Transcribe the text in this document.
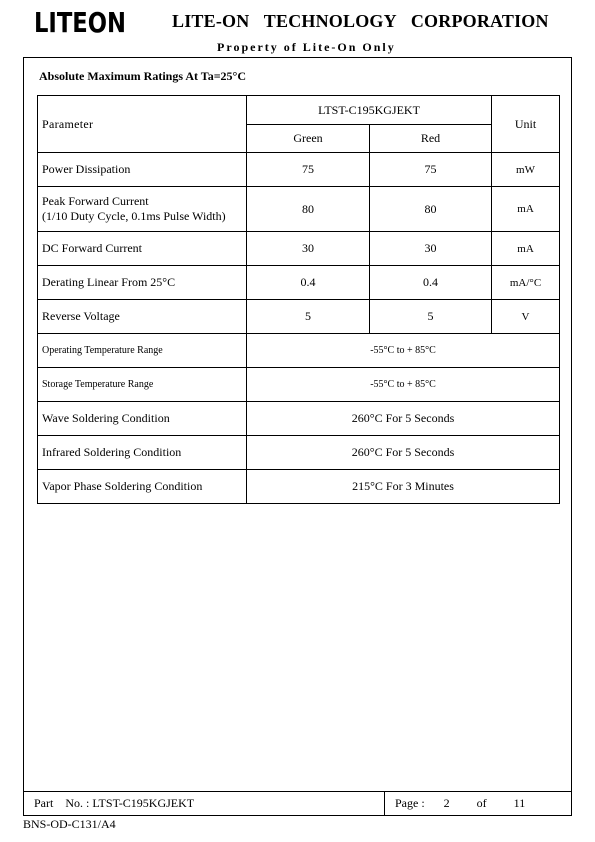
LITEON	LITE-ON TECHNOLOGY CORPORATION
Property of Lite-On Only
Absolute Maximum Ratings At Ta=25°C
Parameter	LTST-C195KGJEKT		Unit
	Green	Red	
Power Dissipation	75	75	mW

Peak Forward Current
(1/10 Duty Cycle, 0.1ms Pulse Width)	80	80	mA
DC Forward Current	30	30	mA
Derating Linear From 25°C	0.4	0.4	mA/°C
Reverse Voltage	5	5	V
Operating Temperature Range	-55°C to + 85°C		
Storage Temperature Range	-55°C to + 85°C		
Wave Soldering Condition	260°C For 5 Seconds		
Infrared Soldering Condition	260°C For 5 Seconds		
Vapor Phase Soldering Condition	215°C For 3 Minutes		
Part    No. : LTST-C195KGJEKT	Page : 2 of 11
BNS-OD-C131/A4
